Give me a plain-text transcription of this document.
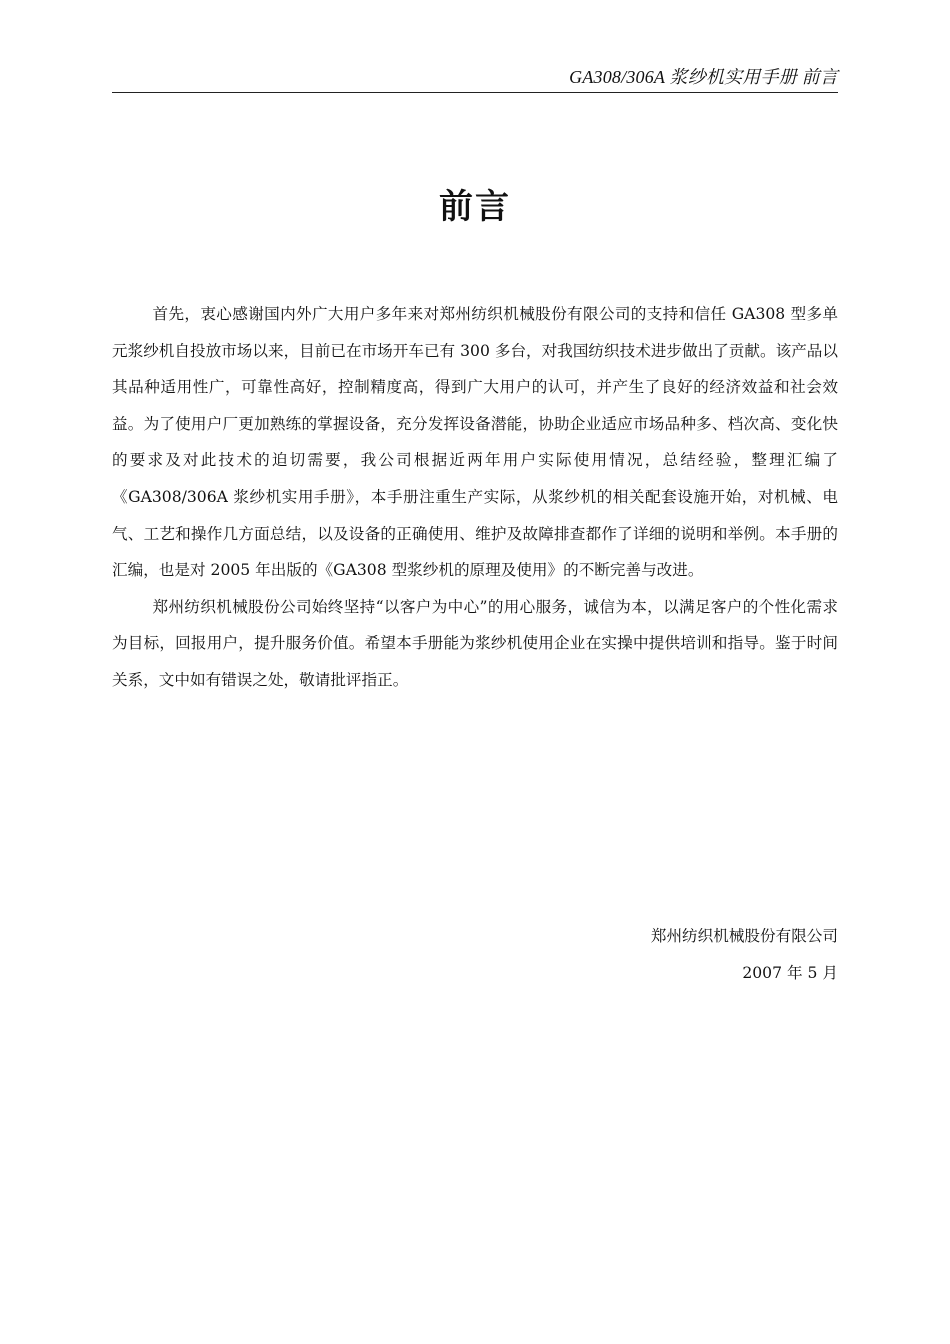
GA308/306A 浆纱机实用手册 前言
前言

首先，衷心感谢国内外广大用户多年来对郑州纺织机械股份有限公司的支持和信任 GA308 型多单元浆纱机自投放市场以来，目前已在市场开车已有 300 多台，对我国纺织技术进步做出了贡献。该产品以其品种适用性广，可靠性高好，控制精度高，得到广大用户的认可，并产生了良好的经济效益和社会效益。为了使用户厂更加熟练的掌握设备，充分发挥设备潜能，协助企业适应市场品种多、档次高、变化快的要求及对此技术的迫切需要，我公司根据近两年用户实际使用情况，总结经验，整理汇编了《GA308/306A 浆纱机实用手册》，本手册注重生产实际，从浆纱机的相关配套设施开始，对机械、电气、工艺和操作几方面总结，以及设备的正确使用、维护及故障排查都作了详细的说明和举例。本手册的汇编，也是对 2005 年出版的《GA308 型浆纱机的原理及使用》的不断完善与改进。

郑州纺织机械股份公司始终坚持“以客户为中心”的用心服务，诚信为本，以满足客户的个性化需求为目标，回报用户，提升服务价值。希望本手册能为浆纱机使用企业在实操中提供培训和指导。鉴于时间关系，文中如有错误之处，敬请批评指正。

郑州纺织机械股份有限公司
2007 年 5 月
